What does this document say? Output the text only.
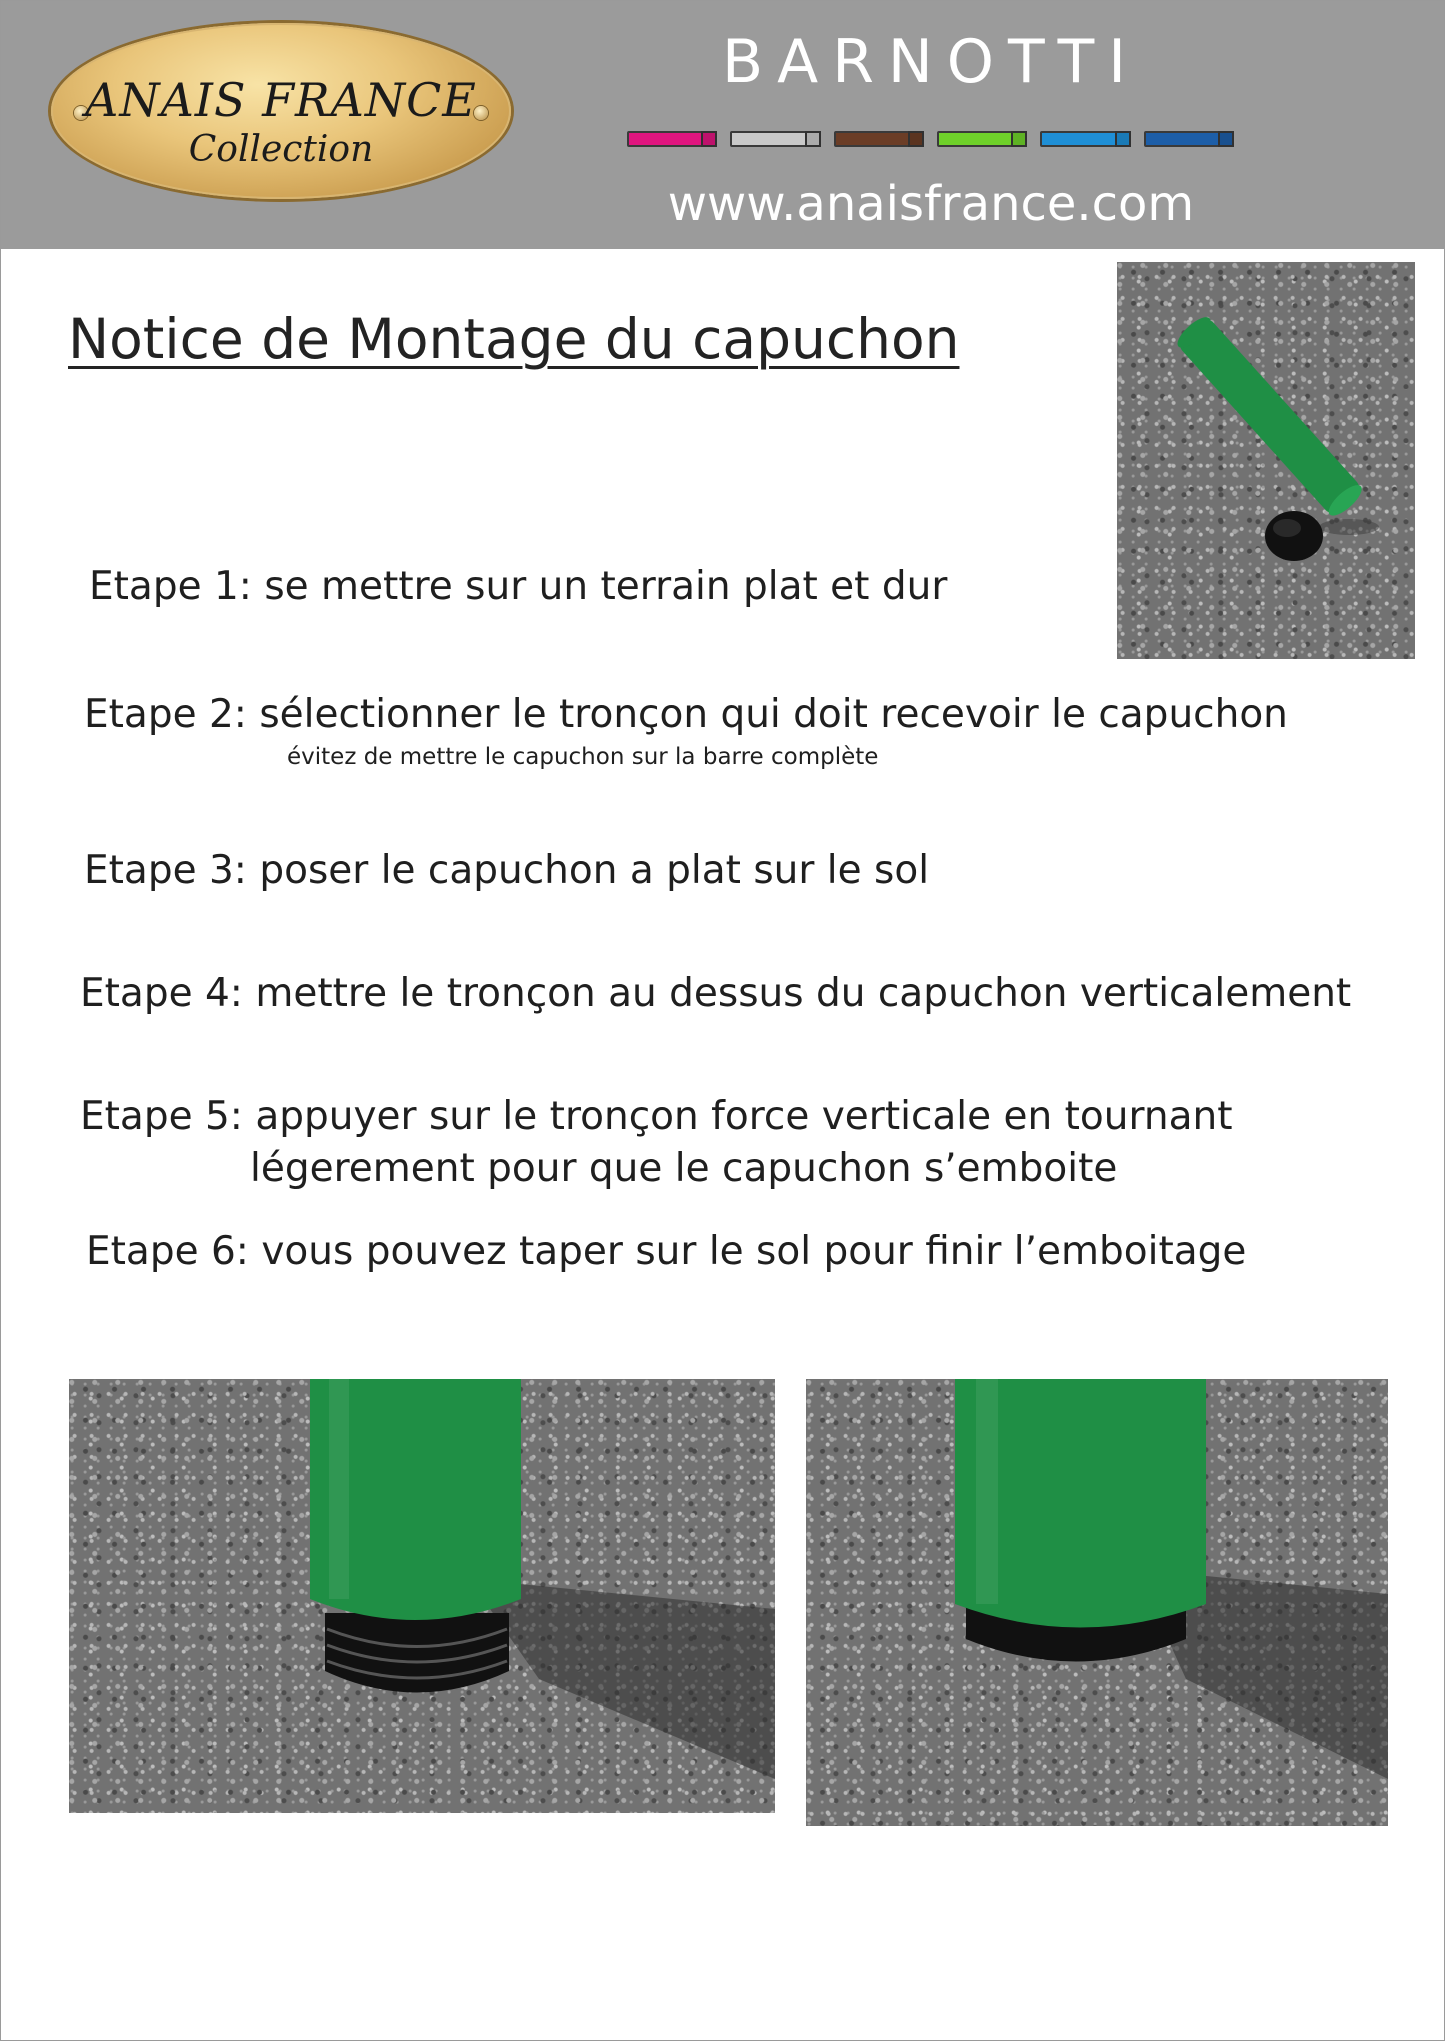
ANAIS FRANCE
Collection
BARNOTTI
www.anaisfrance.com
Notice de Montage du capuchon
Etape 1: se mettre sur un terrain plat et dur
Etape 2: sélectionner le tronçon qui doit recevoir le capuchon
évitez de mettre le capuchon sur la barre complète
Etape 3: poser le capuchon a plat sur le sol
Etape 4: mettre le tronçon au dessus du capuchon verticalement
Etape 5: appuyer sur le tronçon force verticale en tournant
légerement pour que le capuchon s’emboite
Etape 6: vous pouvez taper sur le sol pour finir l’emboitage
